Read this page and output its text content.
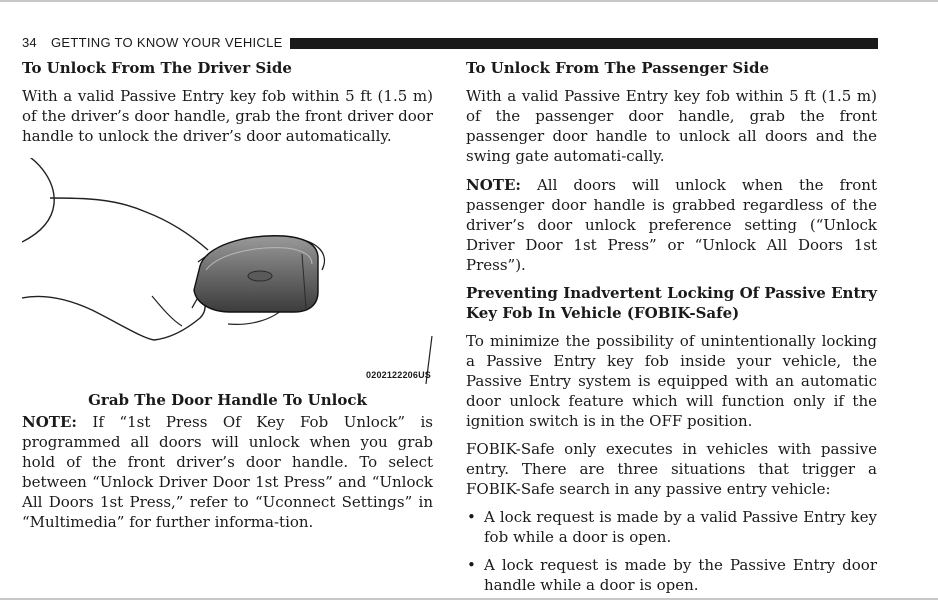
34 GETTING TO KNOW YOUR VEHICLE
To Unlock From The Driver Side

With a valid Passive Entry key fob within 5 ft (1.5 m) of the driver’s door handle, grab the front driver door handle to unlock the driver’s door automatically.

0202122206US
Grab The Door Handle To Unlock

NOTE: If “1st Press Of Key Fob Unlock” is programmed all doors will unlock when you grab hold of the front driver’s door handle. To select between “Unlock Driver Door 1st Press” and “Unlock All Doors 1st Press,” refer to “Uconnect Settings” in “Multimedia” for further informa-tion.

To Unlock From The Passenger Side

With a valid Passive Entry key fob within 5 ft (1.5 m) of the passenger door handle, grab the front passenger door handle to unlock all doors and the swing gate automati-cally.

NOTE: All doors will unlock when the front passenger door handle is grabbed regardless of the driver’s door unlock preference setting (“Unlock Driver Door 1st Press” or “Unlock All Doors 1st Press”).

Preventing Inadvertent Locking Of Passive Entry Key Fob In Vehicle (FOBIK-Safe)

To minimize the possibility of unintentionally locking a Passive Entry key fob inside your vehicle, the Passive Entry system is equipped with an automatic door unlock feature which will function only if the ignition switch is in the OFF position.

FOBIK-Safe only executes in vehicles with passive entry. There are three situations that trigger a FOBIK-Safe search in any passive entry vehicle:

• A lock request is made by a valid Passive Entry key fob while a door is open.
• A lock request is made by the Passive Entry door handle while a door is open.
